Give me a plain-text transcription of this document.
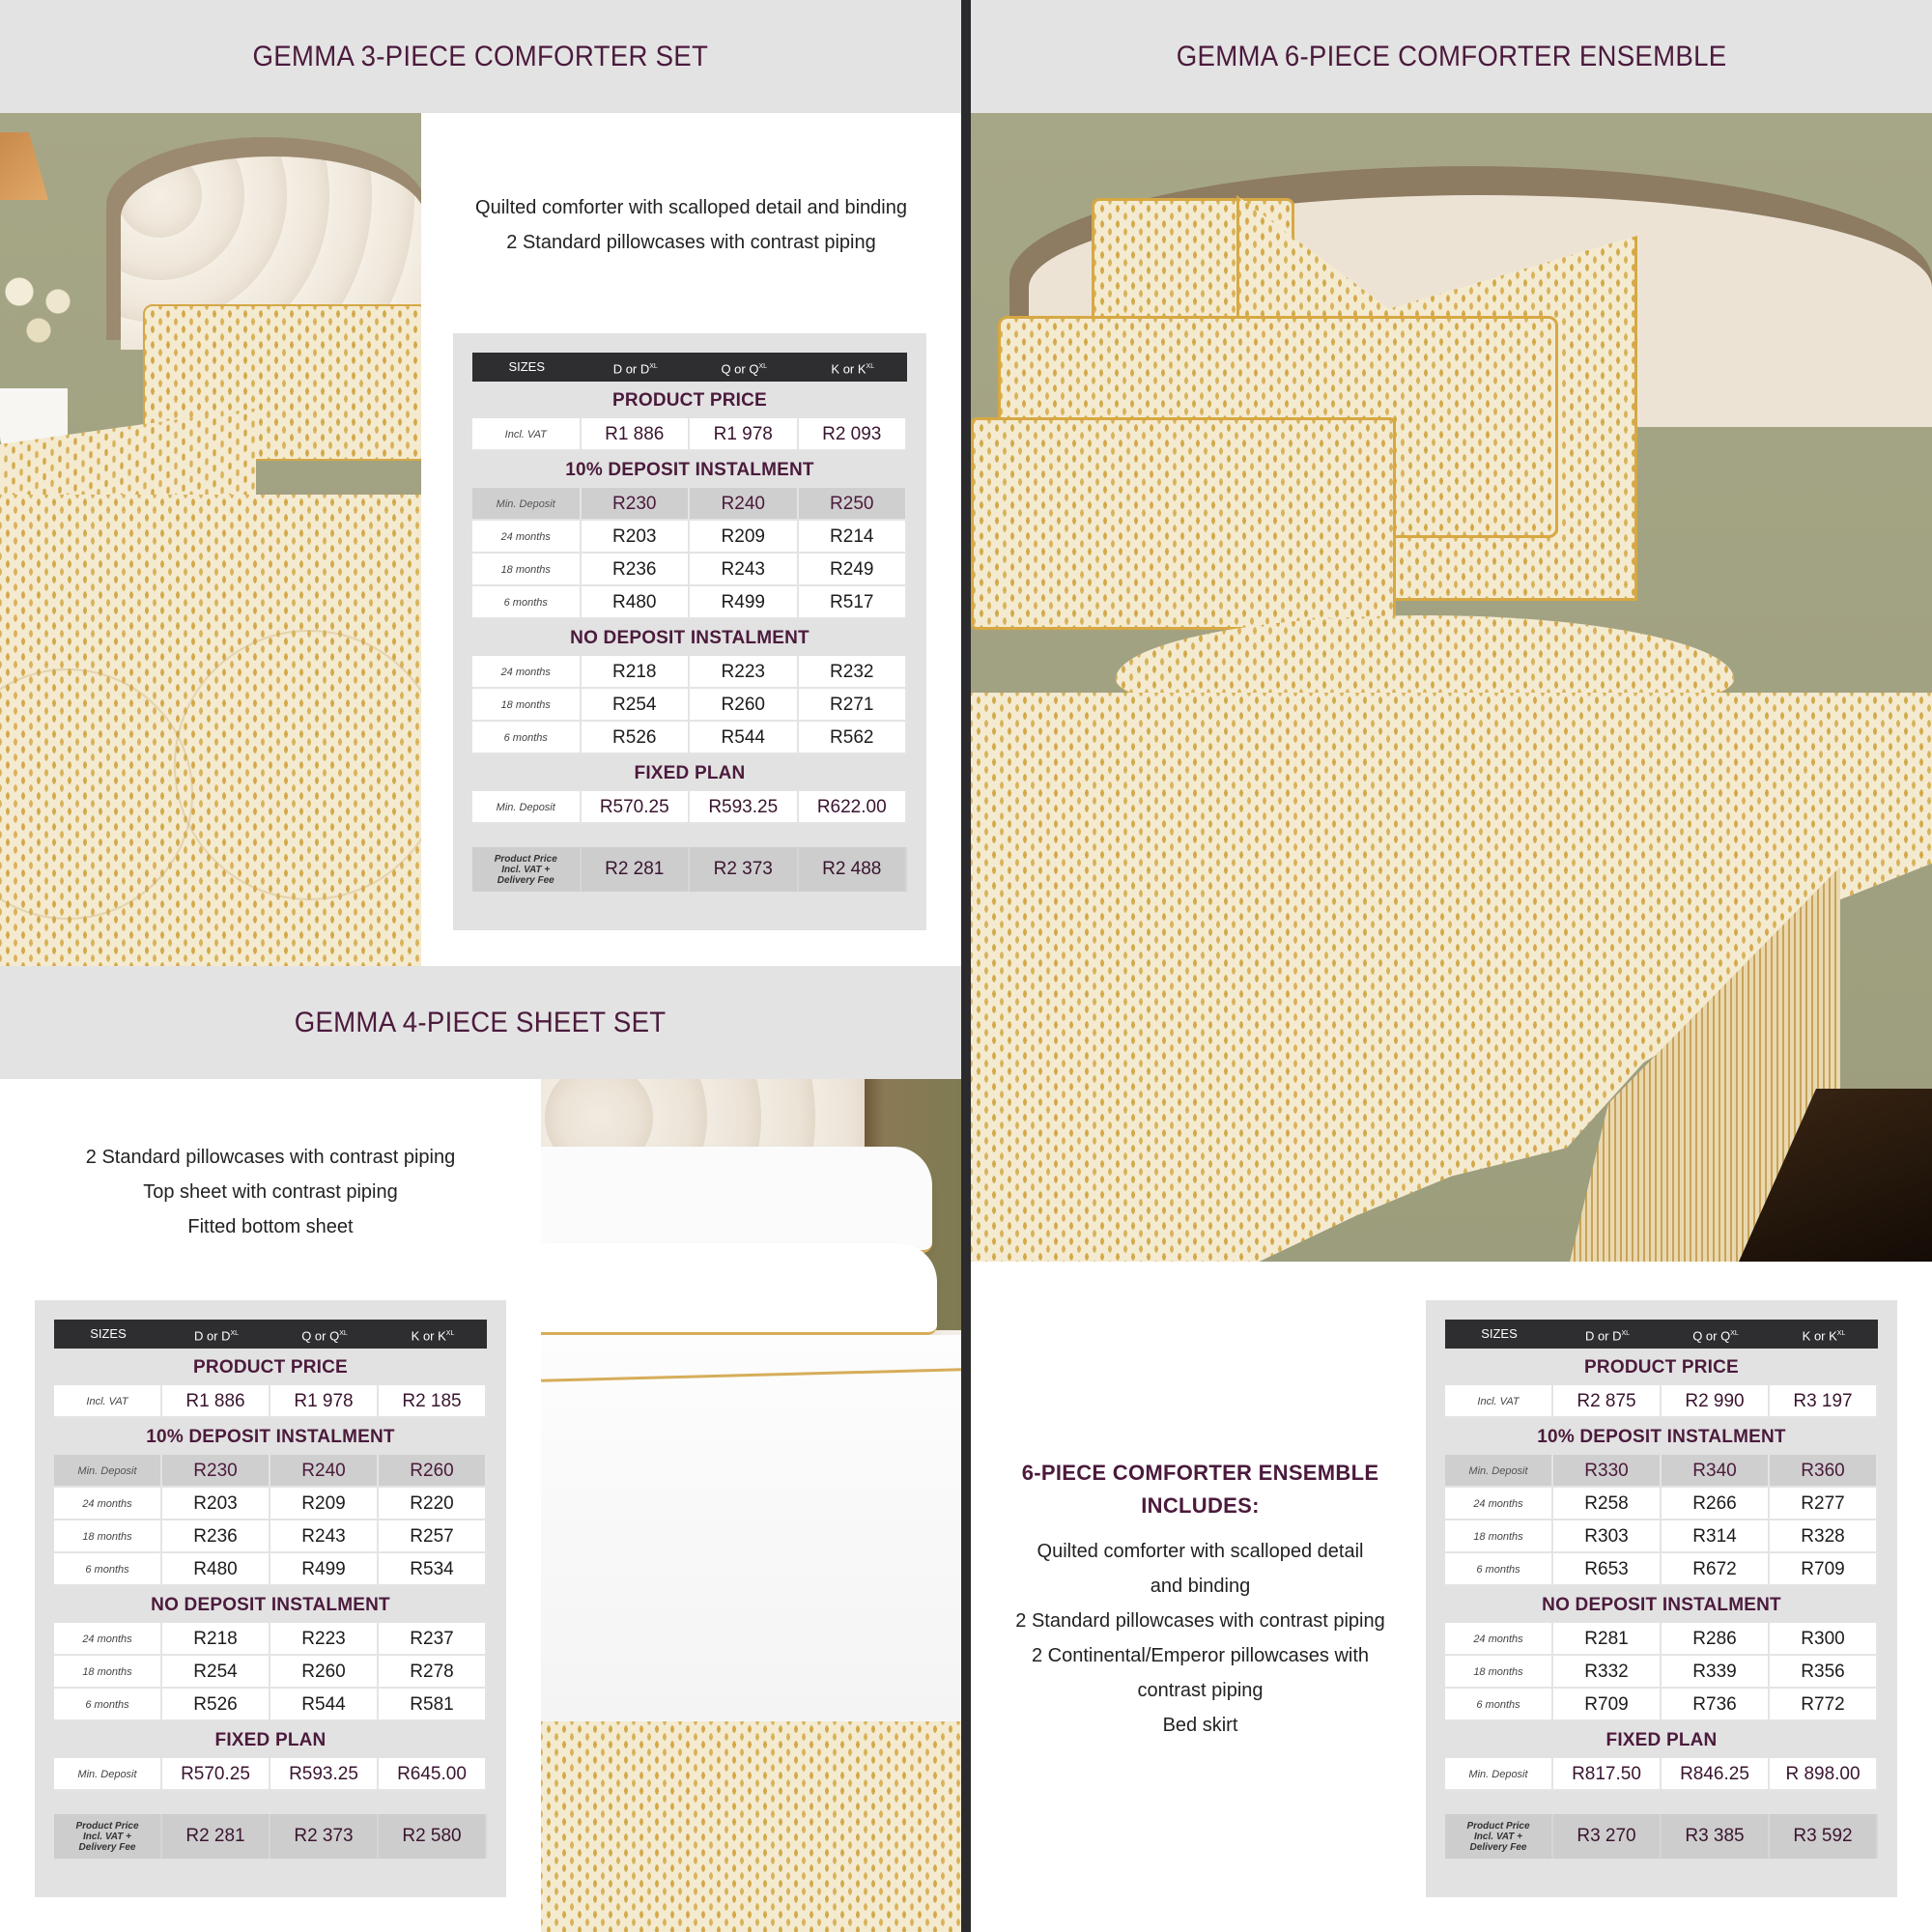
GEMMA 3-PIECE COMFORTER SET
Quilted comforter with scalloped detail and binding
2 Standard pillowcases with contrast piping
SIZES	D or $D^{XL}$	Q or $Q^{XL}$	K or $K^{XL}$
PRODUCT PRICE
Incl. VAT	R1 886	R1 978	R2 093
10% DEPOSIT INSTALMENT
Min. Deposit	R230	R240	R250
24 months	R203	R209	R214
18 months	R236	R243	R249
6 months	R480	R499	R517
NO DEPOSIT INSTALMENT
24 months	R218	R223	R232
18 months	R254	R260	R271
6 months	R526	R544	R562
FIXED PLAN
Min. Deposit	R570.25	R593.25	R622.00
Product Price
Incl. VAT +
Delivery Fee
R2 281	R2 373	R2 488
GEMMA 4-PIECE SHEET SET
2 Standard pillowcases with contrast piping
Top sheet with contrast piping
Fitted bottom sheet
SIZES	D or $D^{XL}$	Q or $Q^{XL}$	K or $K^{XL}$
PRODUCT PRICE
Incl. VAT	R1 886	R1 978	R2 185
10% DEPOSIT INSTALMENT
Min. Deposit	R230	R240	R260
24 months	R203	R209	R220
18 months	R236	R243	R257
6 months	R480	R499	R534
NO DEPOSIT INSTALMENT
24 months	R218	R223	R237
18 months	R254	R260	R278
6 months	R526	R544	R581
FIXED PLAN
Min. Deposit	R570.25	R593.25	R645.00
Product Price
Incl. VAT +
Delivery Fee
R2 281	R2 373	R2 580
GEMMA 6-PIECE COMFORTER ENSEMBLE
6-PIECE COMFORTER ENSEMBLE
INCLUDES:
Quilted comforter with scalloped detail
and binding
2 Standard pillowcases with contrast piping
2 Continental/Emperor pillowcases with
contrast piping
Bed skirt
SIZES	D or $D^{XL}$	Q or $Q^{XL}$	K or $K^{XL}$
PRODUCT PRICE
Incl. VAT	R2 875	R2 990	R3 197
10% DEPOSIT INSTALMENT
Min. Deposit	R330	R340	R360
24 months	R258	R266	R277
18 months	R303	R314	R328
6 months	R653	R672	R709
NO DEPOSIT INSTALMENT
24 months	R281	R286	R300
18 months	R332	R339	R356
6 months	R709	R736	R772
FIXED PLAN
Min. Deposit	R817.50	R846.25	R 898.00
Product Price
Incl. VAT +
Delivery Fee
R3 270	R3 385	R3 592
